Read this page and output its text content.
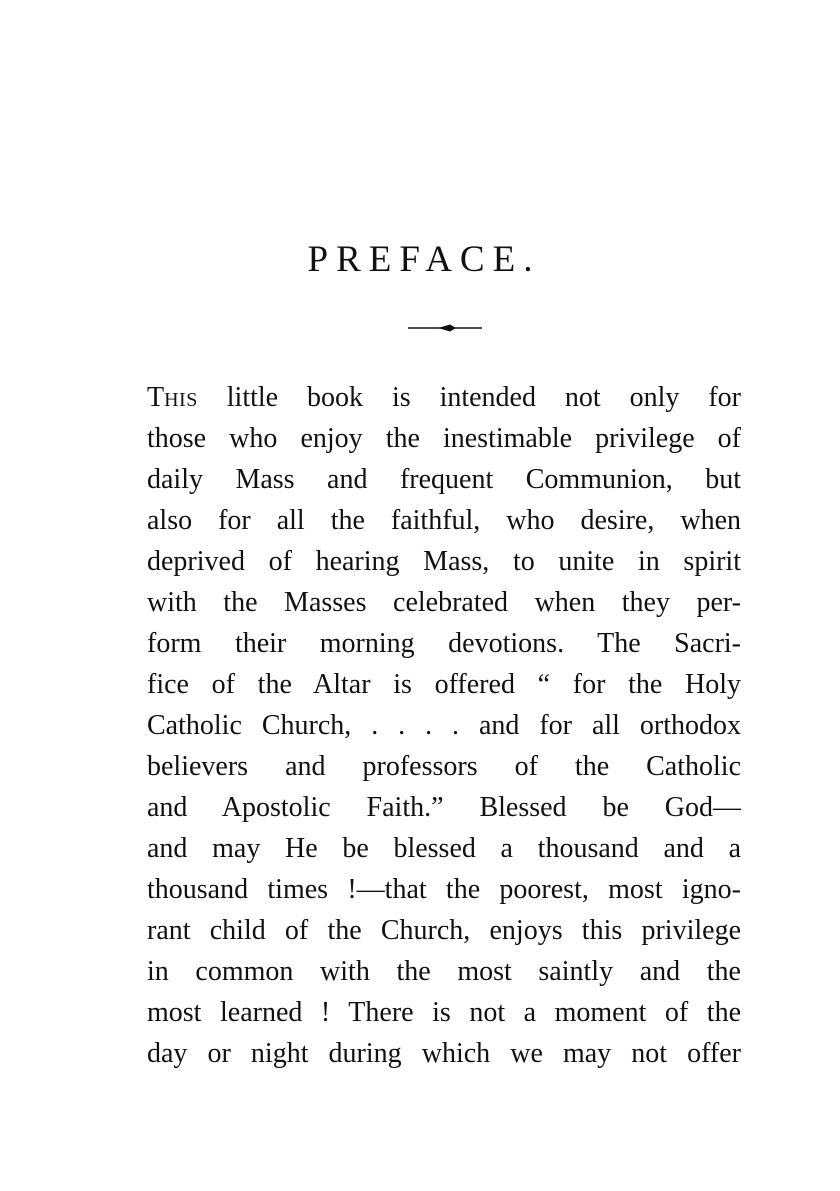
PREFACE.
THIS little book is intended not only for
those who enjoy the inestimable privilege of
daily Mass and frequent Communion, but
also for all the faithful, who desire, when
deprived of hearing Mass, to unite in spirit
with the Masses celebrated when they per-
form their morning devotions. The Sacri-
fice of the Altar is offered “ for the Holy
Catholic Church, . . . . and for all orthodox
believers and professors of the Catholic
and Apostolic Faith.” Blessed be God—
and may He be blessed a thousand and a
thousand times !—that the poorest, most igno-
rant child of the Church, enjoys this privilege
in common with the most saintly and the
most learned ! There is not a moment of the
day or night during which we may not offer
